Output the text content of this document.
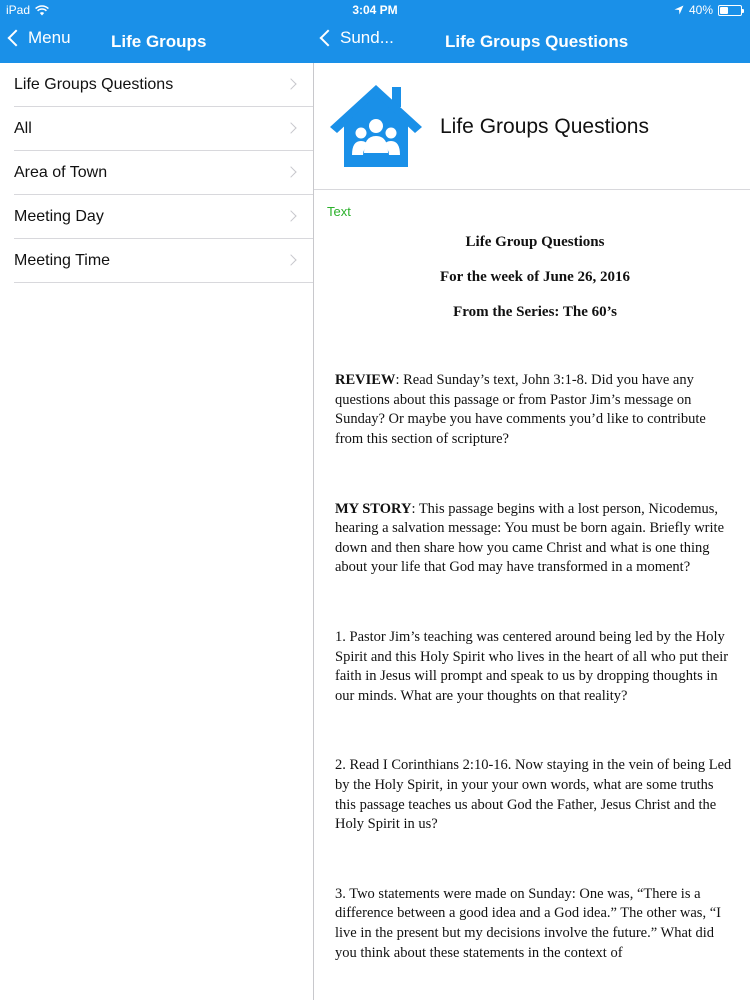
iPad	3:04 PM	40%
Menu Life Groups	Sund...	Life Groups Questions
Life Groups Questions
All
Area of Town
Meeting Day
Meeting Time
Life Groups Questions
Text
Life Group Questions
For the week of June 26, 2016
From the Series: The 60’s

REVIEW: Read Sunday’s text, John 3:1-8. Did you have any questions about this passage or from Pastor Jim’s message on Sunday? Or maybe you have comments you’d like to contribute from this section of scripture?

MY STORY: This passage begins with a lost person, Nicodemus, hearing a salvation message: You must be born again. Briefly write down and then share how you came Christ and what is one thing about your life that God may have transformed in a moment?

1. Pastor Jim’s teaching was centered around being led by the Holy Spirit and this Holy Spirit who lives in the heart of all who put their faith in Jesus will prompt and speak to us by dropping thoughts in our minds. What are your thoughts on that reality?

2. Read I Corinthians 2:10-16. Now staying in the vein of being Led by the Holy Spirit, in your your own words, what are some truths this passage teaches us about God the Father, Jesus Christ and the Holy Spirit in us?

3. Two statements were made on Sunday: One was, “There is a difference between a good idea and a God idea.” The other was, “I live in the present but my decisions involve the future.” What did you think about these statements in the context of
